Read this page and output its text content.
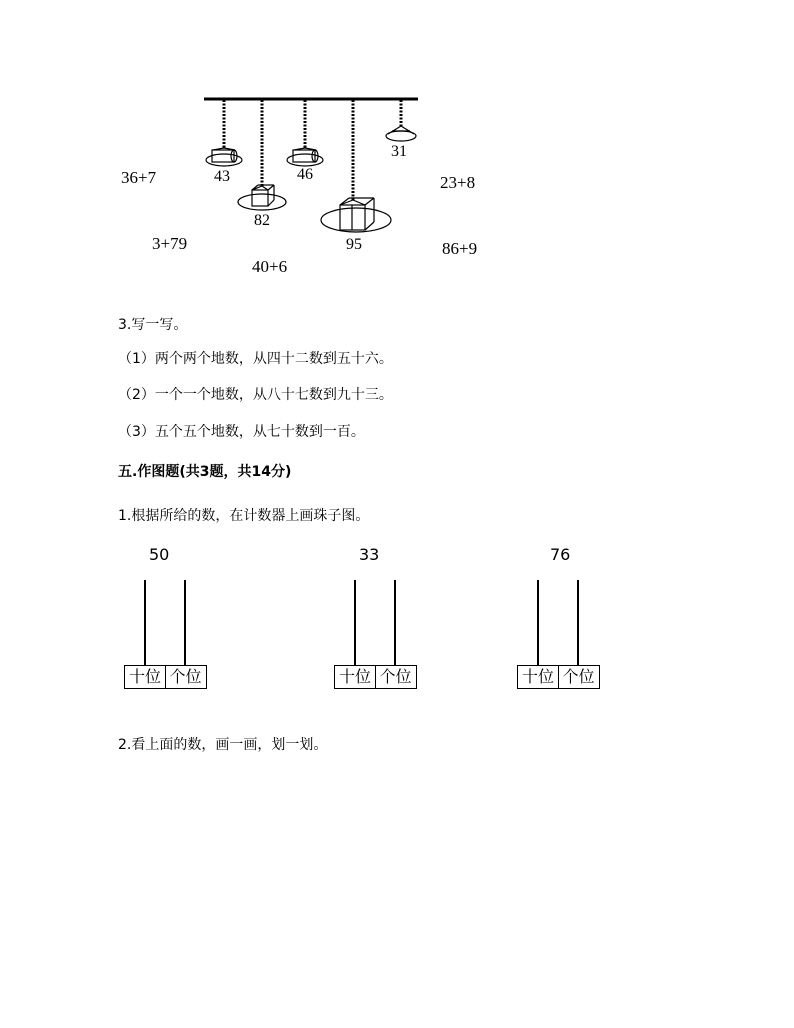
43	46
31
82
95
36+7	23+8
3+79
40+6
86+9
3.写一写。
（1）两个两个地数，从四十二数到五十六。
（2）一个一个地数，从八十七数到九十三。
（3）五个五个地数，从七十数到一百。
五.作图题(共3题，共14分)
1.根据所给的数，在计数器上画珠子图。
50
十位 个位
33
十位 个位
76
十位 个位
2.看上面的数，画一画，划一划。
